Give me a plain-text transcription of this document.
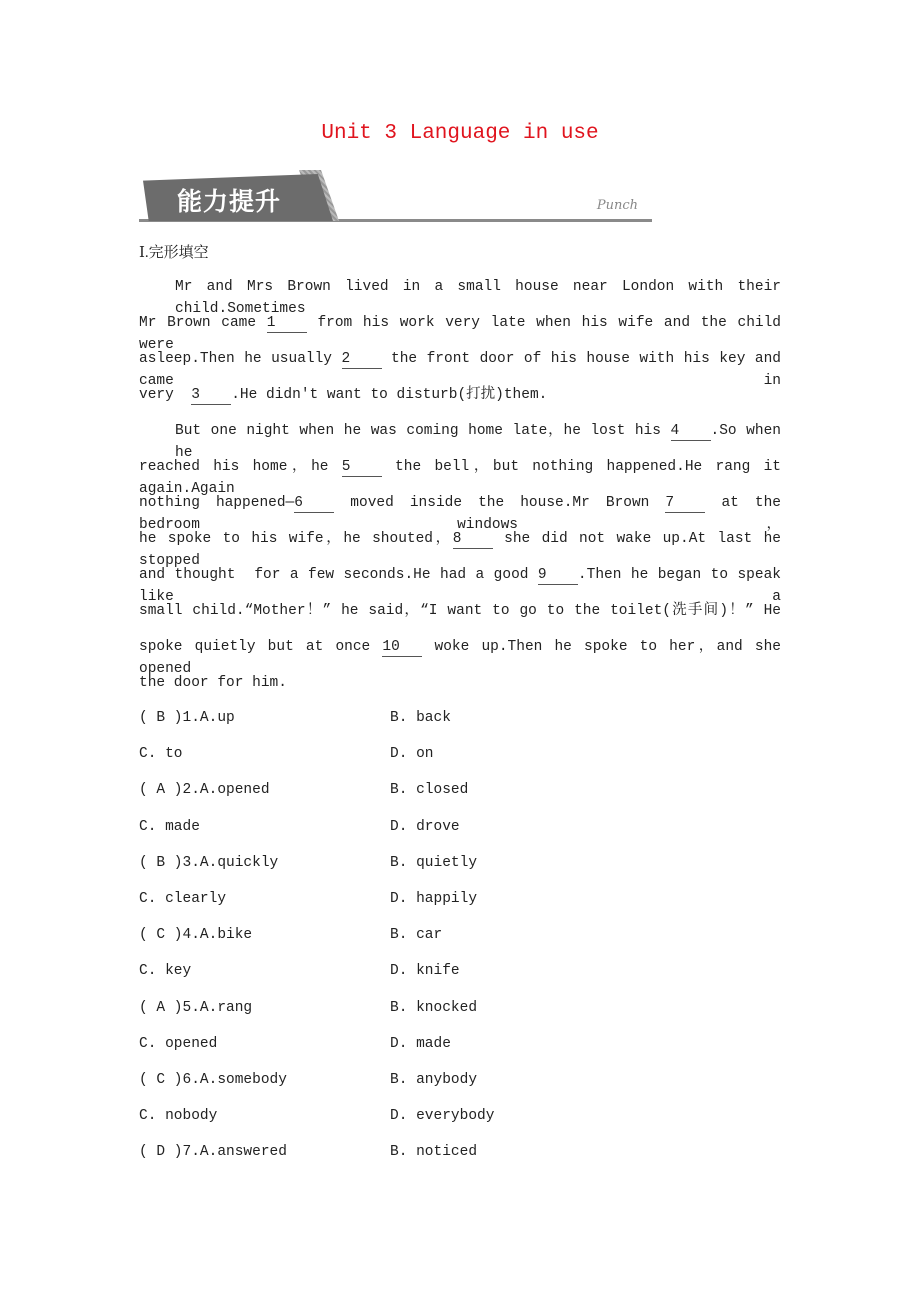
Unit 3 Language in use
能力提升	Punch
Ⅰ.完形填空
Mr and Mrs Brown lived in a small house near London with their child.Sometimes
Mr Brown came 1 from his work very late when his wife and the child were
asleep.Then he usually 2 the front door of his house with his key and came in
very  3 .He didn't want to disturb(打扰)them.
But one night when he was coming home late，he lost his 4 .So when he
reached his home，he 5 the bell，but nothing happened.He rang it again.Again
nothing happened—6 moved inside the house.Mr Brown 7 at the bedroom windows，
he spoke to his wife，he shouted，8 she did not wake up.At last he stopped
and thought  for a few seconds.He had a good 9 .Then he began to speak like a
small child.“Mother！” he said，“I want to go to the toilet(洗手间)！” He
spoke quietly but at once 10 woke up.Then he spoke to her，and she opened
the door for him.
( B )1.A.up	B. back
C. to	D. on
( A )2.A.opened	B. closed
C. made	D. drove
( B )3.A.quickly	B. quietly
C. clearly	D. happily
( C )4.A.bike	B. car
C. key	D. knife
( A )5.A.rang	B. knocked
C. opened	D. made
( C )6.A.somebody	B. anybody
C. nobody	D. everybody
( D )7.A.answered	B. noticed
